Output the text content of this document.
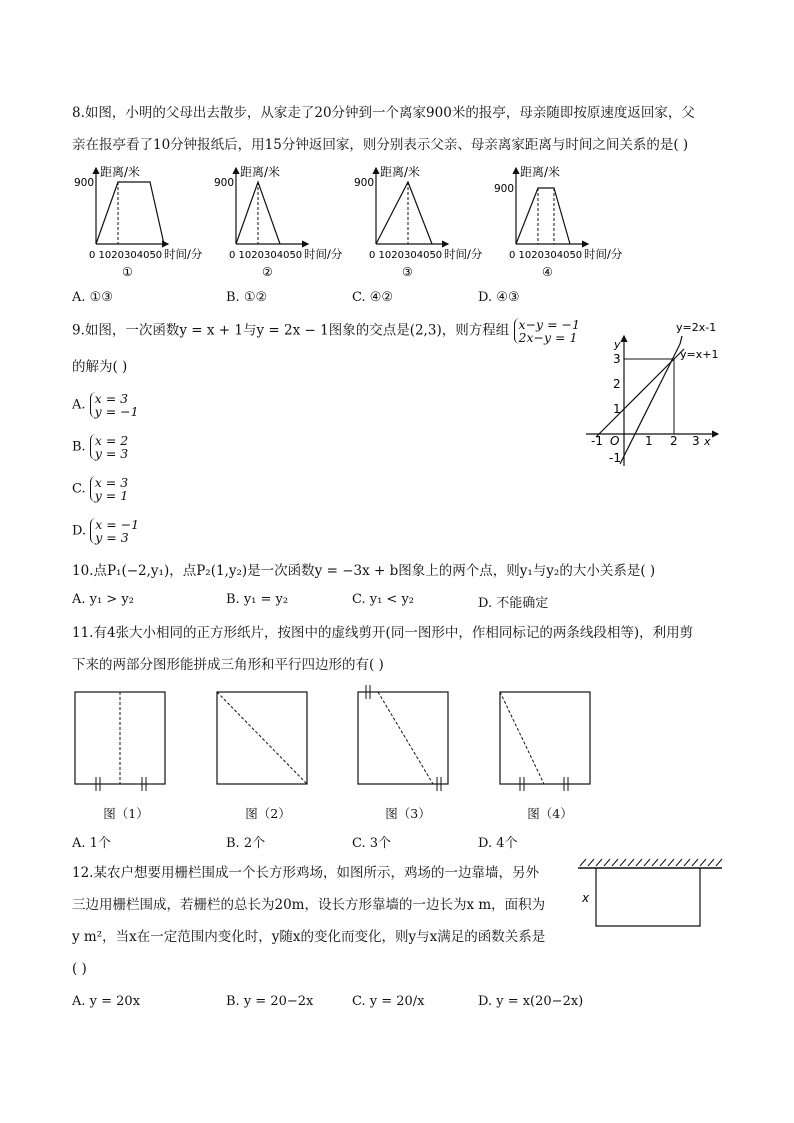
8.如图，小明的父母出去散步，从家走了20分钟到一个离家900米的报亭，母亲随即按原速度返回家，父
亲在报亭看了10分钟报纸后，用15分钟返回家，则分别表示父亲、母亲离家距离与时间之间关系的是( )
距离/米
900
0 1020304050 时间/分
①
距离/米
900
0 1020304050 时间/分
②
距离/米
900
0 1020304050 时间/分
③
距离/米
900
0 1020304050 时间/分
④
A. ①③	B. ①②	C. ④②	D. ④③
9.如图，一次函数y = x + 1与y = 2x − 1图象的交点是(2,3)，则方程组 x−y = −1
2x−y = 1
的解为( )
A. x = 3
y = −1
B. x = 2
y = 3
C. x = 3
y = 1
D. x = −1
y = 3
y=2x-1
y=x+1
y
x
O
-1	1 2 3
3
2
1
-1
10.点P₁(−2,y₁)，点P₂(1,y₂)是一次函数y = −3x + b图象上的两个点，则y₁与y₂的大小关系是( )
A. y₁ > y₂	B. y₁ = y₂	C. y₁ < y₂	D. 不能确定
11.有4张大小相同的正方形纸片，按图中的虚线剪开(同一图形中，作相同标记的两条线段相等)，利用剪
下来的两部分图形能拼成三角形和平行四边形的有( )
图（1）	图（2）	图（3）	图（4）
A. 1个	B. 2个	C. 3个	D. 4个
12.某农户想要用栅栏围成一个长方形鸡场，如图所示，鸡场的一边靠墙，另外
三边用栅栏围成，若栅栏的总长为20m，设长方形靠墙的一边长为x m，面积为
y m²，当x在一定范围内变化时，y随x的变化而变化，则y与x满足的函数关系是
( )
x
A. y = 20x	B. y = 20−2x	C. y = 20/x	D. y = x(20−2x)
